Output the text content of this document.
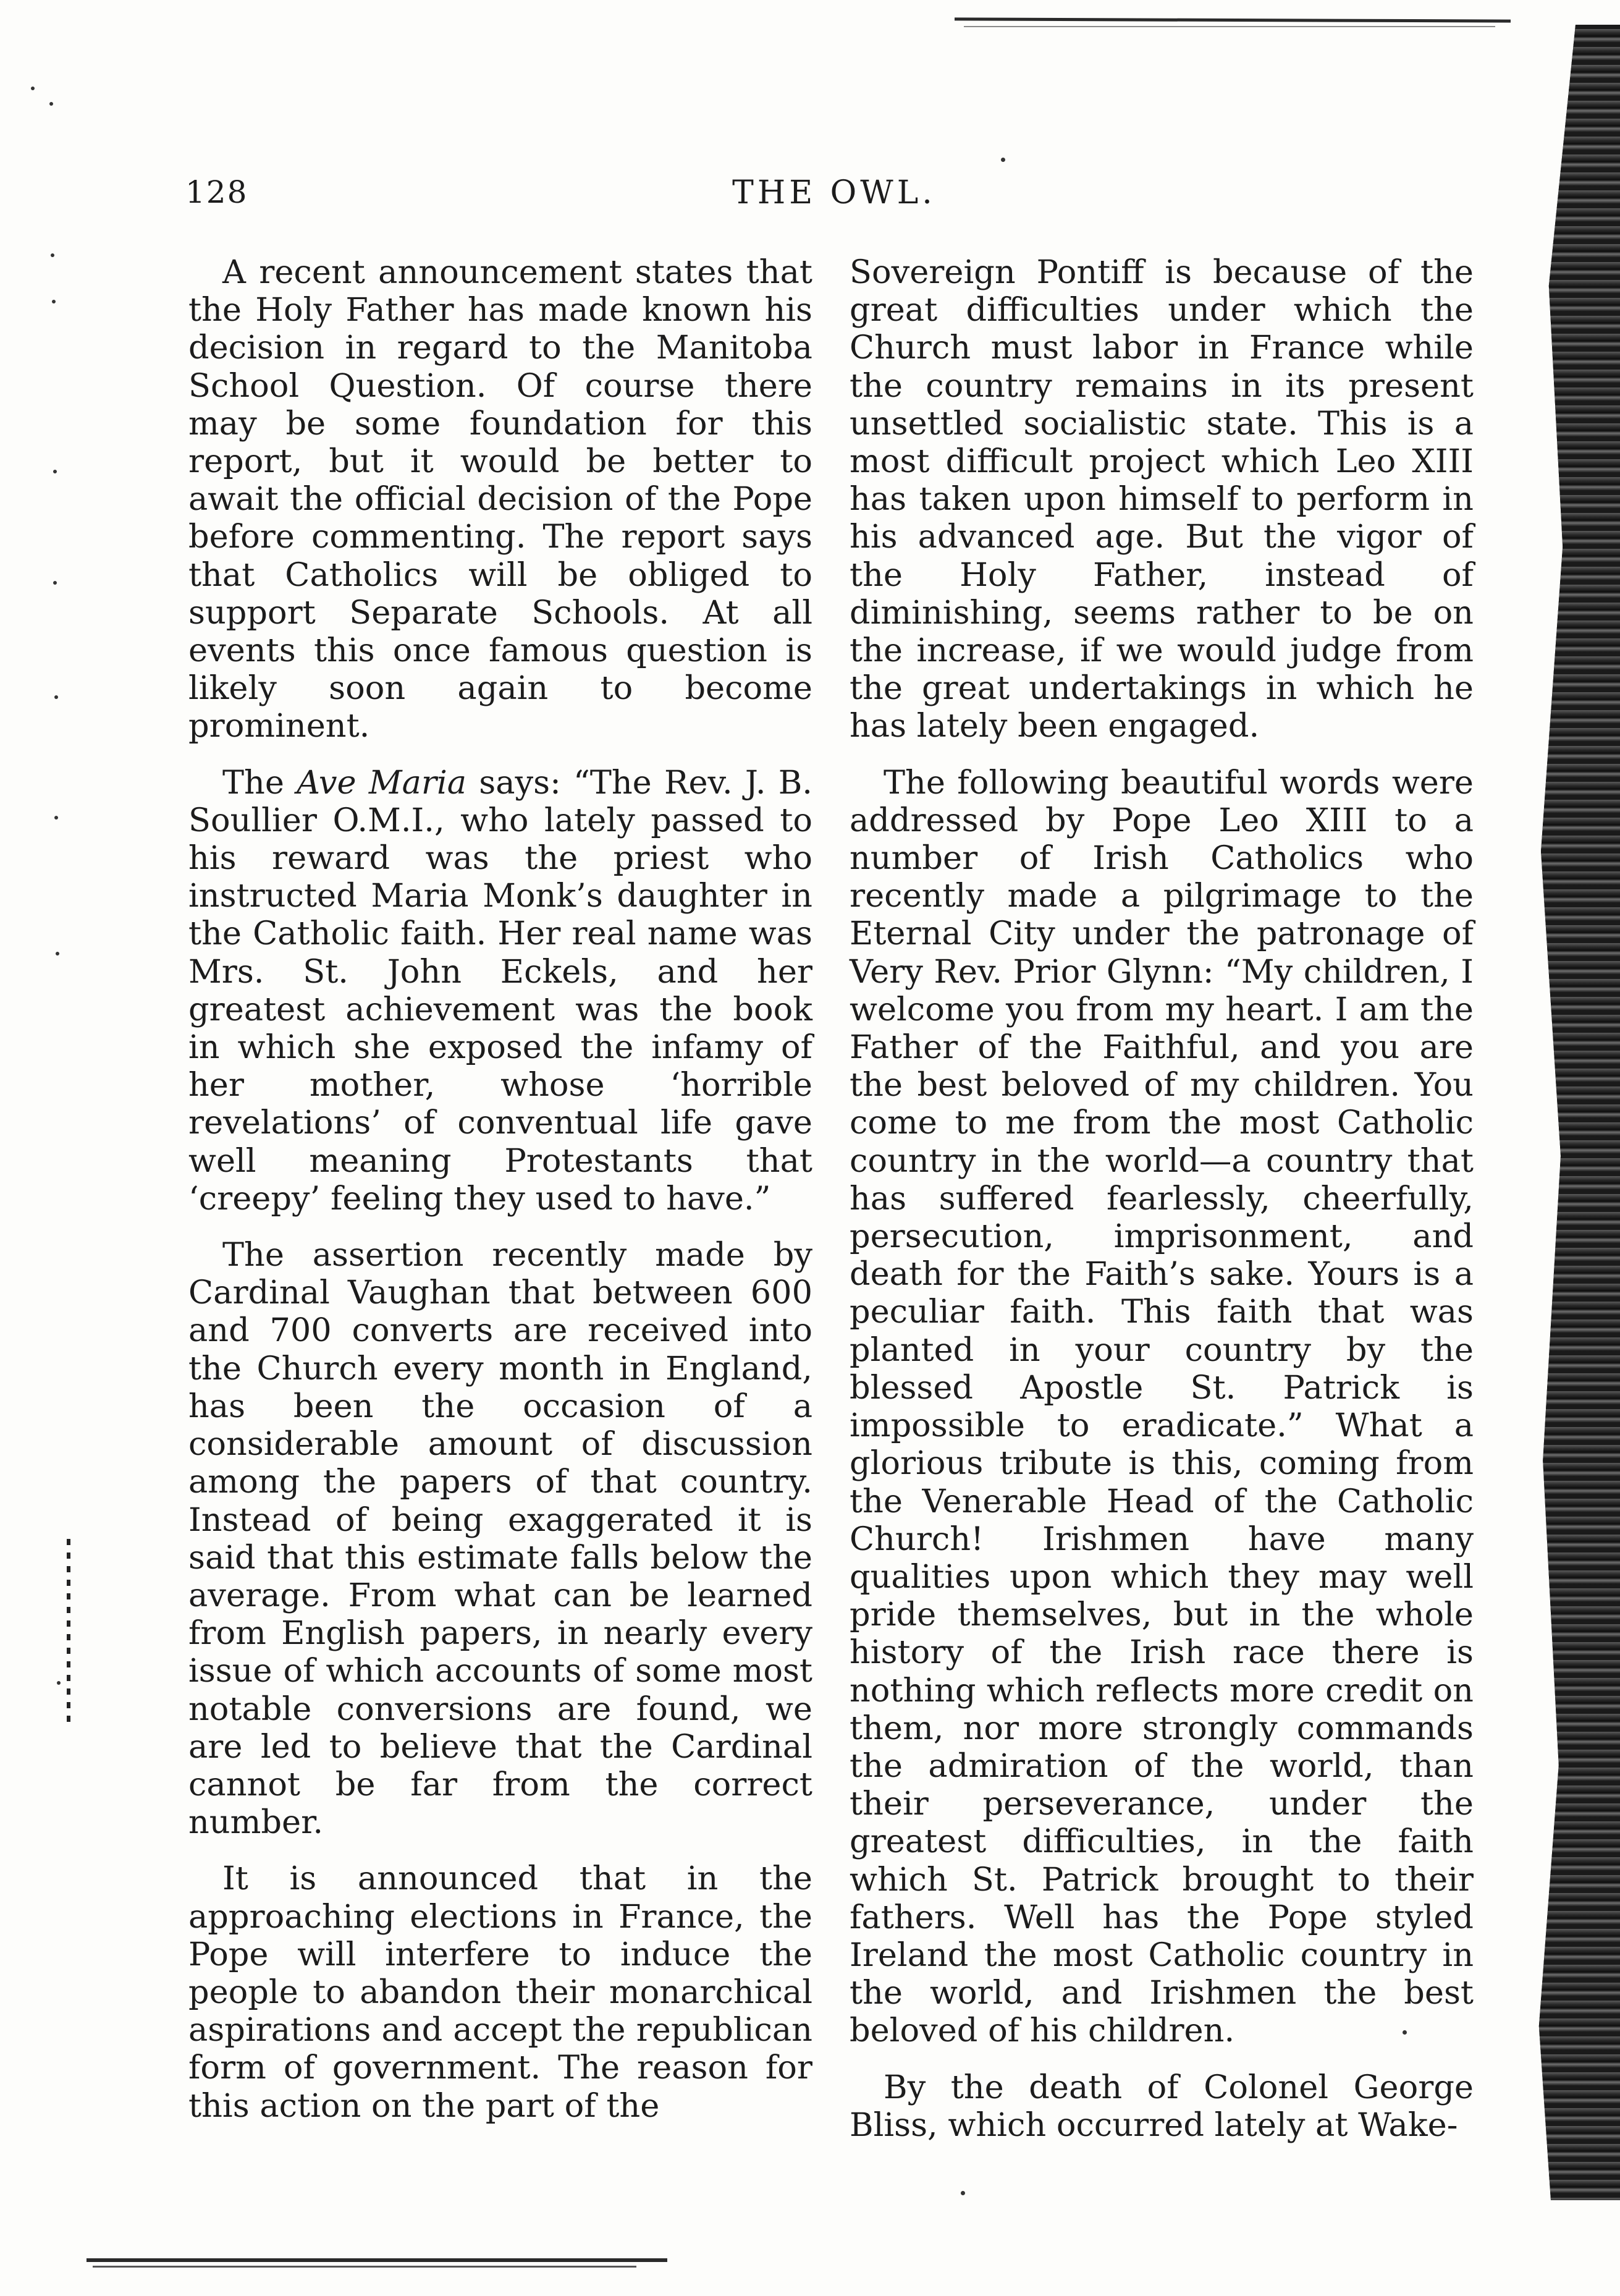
128	THE OWL.

A recent announcement states that the Holy Father has made known his decision in regard to the Manitoba School Question. Of course there may be some foundation for this report, but it would be better to await the official decision of the Pope before commenting. The report says that Catholics will be obliged to support Separate Schools. At all events this once famous question is likely soon again to become prominent.

The Ave Maria says: “The Rev. J. B. Soullier O.M.I., who lately passed to his reward was the priest who instructed Maria Monk’s daughter in the Catholic faith. Her real name was Mrs. St. John Eckels, and her greatest achievement was the book in which she exposed the infamy of her mother, whose ‘horrible revelations’ of conventual life gave well meaning Protestants that ‘creepy’ feeling they used to have.”

The assertion recently made by Cardinal Vaughan that between 600 and 700 converts are received into the Church every month in England, has been the occasion of a considerable amount of discussion among the papers of that country. Instead of being exaggerated it is said that this estimate falls below the average. From what can be learned from English papers, in nearly every issue of which accounts of some most notable conversions are found, we are led to believe that the Cardinal cannot be far from the correct number.

It is announced that in the approaching elections in France, the Pope will interfere to induce the people to abandon their monarchical aspirations and accept the republican form of government. The reason for this action on the part of the

Sovereign Pontiff is because of the great difficulties under which the Church must labor in France while the country remains in its present unsettled socialistic state. This is a most difficult project which Leo XIII has taken upon himself to perform in his advanced age. But the vigor of the Holy Father, instead of diminishing, seems rather to be on the increase, if we would judge from the great undertakings in which he has lately been engaged.

The following beautiful words were addressed by Pope Leo XIII to a number of Irish Catholics who recently made a pilgrimage to the Eternal City under the patronage of Very Rev. Prior Glynn: “My children, I welcome you from my heart. I am the Father of the Faithful, and you are the best beloved of my children. You come to me from the most Catholic country in the world—a country that has suffered fearlessly, cheerfully, persecution, imprisonment, and death for the Faith’s sake. Yours is a peculiar faith. This faith that was planted in your country by the blessed Apostle St. Patrick is impossible to eradicate.” What a glorious tribute is this, coming from the Venerable Head of the Catholic Church! Irishmen have many qualities upon which they may well pride themselves, but in the whole history of the Irish race there is nothing which reflects more credit on them, nor more strongly commands the admiration of the world, than their perseverance, under the greatest difficulties, in the faith which St. Patrick brought to their fathers. Well has the Pope styled Ireland the most Catholic country in the world, and Irishmen the best beloved of his children.

By the death of Colonel George Bliss, which occurred lately at Wake-
